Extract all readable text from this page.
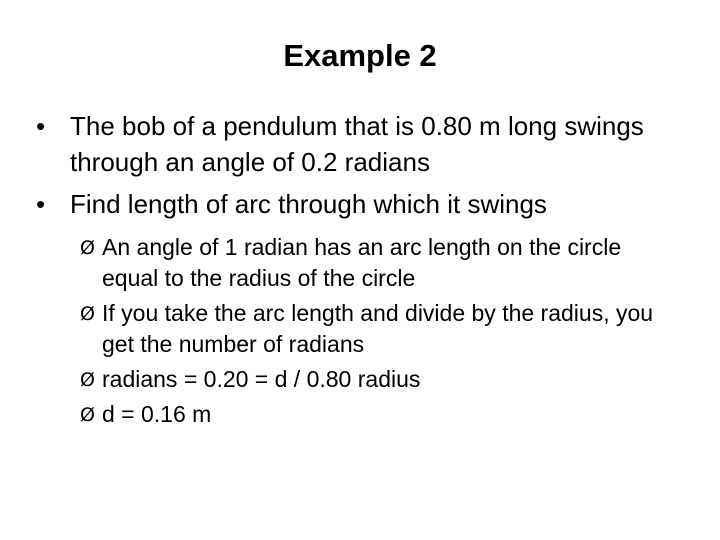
Example 2
• The bob of a pendulum that is 0.80 m long swings through an angle of 0.2 radians
• Find length of arc through which it swings
Ø An angle of 1 radian has an arc length on the circle equal to the radius of the circle
Ø If you take the arc length and divide by the radius, you get the number of radians
Ø radians = 0.20 = d / 0.80 radius
Ø d = 0.16 m
